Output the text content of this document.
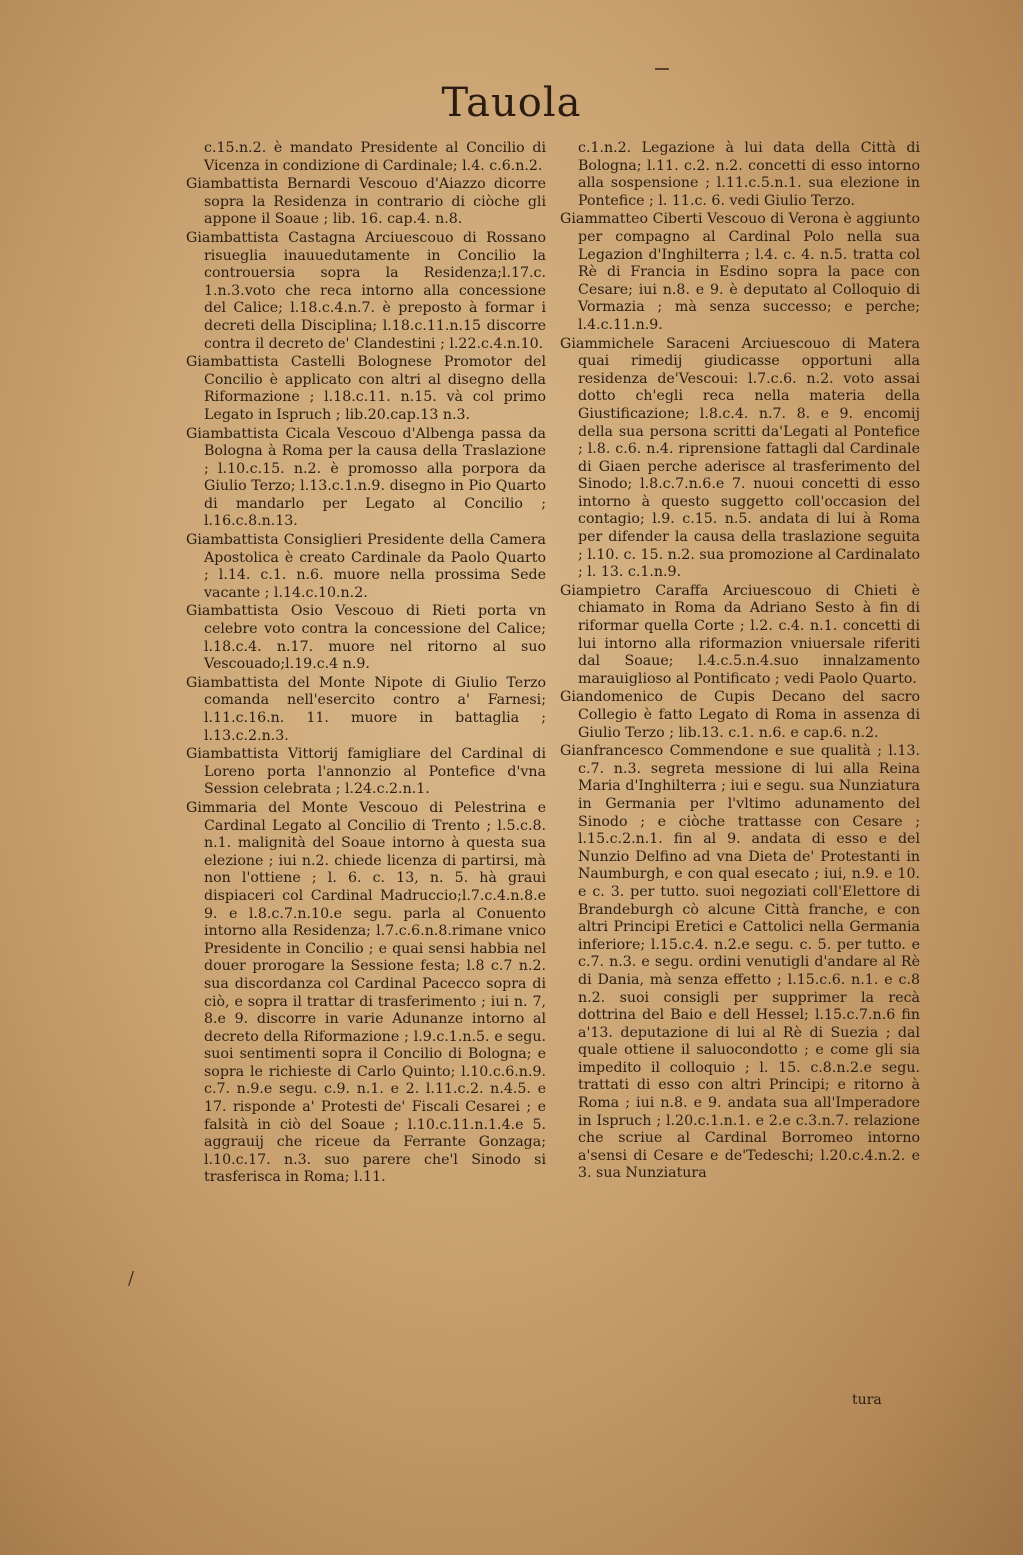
Tauola
c.15.n.2. è mandato Presidente al Concilio di Vicenza in condizione di Cardinale; l.4. c.6.n.2.
Giambattista Bernardi Vescouo d'Aiazzo dicorre sopra la Residenza in contrario di ciòche gli appone il Soaue ; lib. 16. cap.4. n.8.
Giambattista Castagna Arciuescouo di Rossano risueglia inauuedutamente in Concilio la controuersia sopra la Residenza;l.17.c. 1.n.3.voto che reca intorno alla concessione del Calice; l.18.c.4.n.7. è preposto à formar i decreti della Disciplina; l.18.c.11.n.15 discorre contra il decreto de' Clandestini ; l.22.c.4.n.10.
Giambattista Castelli Bolognese Promotor del Concilio è applicato con altri al disegno della Riformazione ; l.18.c.11. n.15. và col primo Legato in Ispruch ; lib.20.cap.13 n.3.
Giambattista Cicala Vescouo d'Albenga passa da Bologna à Roma per la causa della Traslazione ; l.10.c.15. n.2. è promosso alla porpora da Giulio Terzo; l.13.c.1.n.9. disegno in Pio Quarto di mandarlo per Legato al Concilio ; l.16.c.8.n.13.
Giambattista Consiglieri Presidente della Camera Apostolica è creato Cardinale da Paolo Quarto ; l.14. c.1. n.6. muore nella prossima Sede vacante ; l.14.c.10.n.2.
Giambattista Osio Vescouo di Rieti porta vn celebre voto contra la concessione del Calice; l.18.c.4. n.17. muore nel ritorno al suo Vescouado;l.19.c.4 n.9.
Giambattista del Monte Nipote di Giulio Terzo comanda nell'esercito contro a' Farnesi; l.11.c.16.n. 11. muore in battaglia ; l.13.c.2.n.3.
Giambattista Vittorij famigliare del Cardinal di Loreno porta l'annonzio al Pontefice d'vna Session celebrata ; l.24.c.2.n.1.
Gimmaria del Monte Vescouo di Pelestrina e Cardinal Legato al Concilio di Trento ; l.5.c.8. n.1. malignità del Soaue intorno à questa sua elezione ; iui n.2. chiede licenza di partirsi, mà non l'ottiene ; l. 6. c. 13, n. 5. hà graui dispiaceri col Cardinal Madruccio;l.7.c.4.n.8.e 9. e l.8.c.7.n.10.e segu. parla al Conuento intorno alla Residenza; l.7.c.6.n.8.rimane vnico Presidente in Concilio ; e quai sensi habbia nel douer prorogare la Sessione festa; l.8 c.7 n.2. sua discordanza col Cardinal Pacecco sopra di ciò, e sopra il trattar di trasferimento ; iui n. 7, 8.e 9. discorre in varie Adunanze intorno al decreto della Riformazione ; l.9.c.1.n.5. e segu. suoi sentimenti sopra il Concilio di Bologna; e sopra le richieste di Carlo Quinto; l.10.c.6.n.9. c.7. n.9.e segu. c.9. n.1. e 2. l.11.c.2. n.4.5. e 17. risponde a' Protesti de' Fiscali Cesarei ; e falsità in ciò del Soaue ; l.10.c.11.n.1.4.e 5. aggrauij che riceue da Ferrante Gonzaga; l.10.c.17. n.3. suo parere che'l Sinodo si trasferisca in Roma; l.11.
c.1.n.2. Legazione à lui data della Città di Bologna; l.11. c.2. n.2. concetti di esso intorno alla sospensione ; l.11.c.5.n.1. sua elezione in Pontefice ; l. 11.c. 6. vedi Giulio Terzo.
Giammatteo Ciberti Vescouo di Verona è aggiunto per compagno al Cardinal Polo nella sua Legazion d'Inghilterra ; l.4. c. 4. n.5. tratta col Rè di Francia in Esdino sopra la pace con Cesare; iui n.8. e 9. è deputato al Colloquio di Vormazia ; mà senza successo; e perche; l.4.c.11.n.9.
Giammichele Saraceni Arciuescouo di Matera quai rimedij giudicasse opportuni alla residenza de'Vescoui: l.7.c.6. n.2. voto assai dotto ch'egli reca nella materia della Giustificazione; l.8.c.4. n.7. 8. e 9. encomij della sua persona scritti da'Legati al Pontefice ; l.8. c.6. n.4. riprensione fattagli dal Cardinale di Giaen perche aderisce al trasferimento del Sinodo; l.8.c.7.n.6.e 7. nuoui concetti di esso intorno à questo suggetto coll'occasion del contagio; l.9. c.15. n.5. andata di lui à Roma per difender la causa della traslazione seguita ; l.10. c. 15. n.2. sua promozione al Cardinalato ; l. 13. c.1.n.9.
Giampietro Caraffa Arciuescouo di Chieti è chiamato in Roma da Adriano Sesto à fin di riformar quella Corte ; l.2. c.4. n.1. concetti di lui intorno alla riformazion vniuersale riferiti dal Soaue; l.4.c.5.n.4.suo innalzamento marauiglioso al Pontificato ; vedi Paolo Quarto.
Giandomenico de Cupis Decano del sacro Collegio è fatto Legato di Roma in assenza di Giulio Terzo ; lib.13. c.1. n.6. e cap.6. n.2.
Gianfrancesco Commendone e sue qualità ; l.13. c.7. n.3. segreta messione di lui alla Reina Maria d'Inghilterra ; iui e segu. sua Nunziatura in Germania per l'vltimo adunamento del Sinodo ; e ciòche trattasse con Cesare ; l.15.c.2.n.1. fin al 9. andata di esso e del Nunzio Delfino ad vna Dieta de' Protestanti in Naumburgh, e con qual esecato ; iui, n.9. e 10. e c. 3. per tutto. suoi negoziati coll'Elettore di Brandeburgh cò alcune Città franche, e con altri Principi Eretici e Cattolici nella Germania inferiore; l.15.c.4. n.2.e segu. c. 5. per tutto. e c.7. n.3. e segu. ordini venutigli d'andare al Rè di Dania, mà senza effetto ; l.15.c.6. n.1. e c.8 n.2. suoi consigli per supprimer la recà dottrina del Baio e dell Hessel; l.15.c.7.n.6 fin a'13. deputazione di lui al Rè di Suezia ; dal quale ottiene il saluocondotto ; e come gli sia impedito il colloquio ; l. 15. c.8.n.2.e segu. trattati di esso con altri Principi; e ritorno à Roma ; iui n.8. e 9. andata sua all'Imperadore in Ispruch ; l.20.c.1.n.1. e 2.e c.3.n.7. relazione che scriue al Cardinal Borromeo intorno a'sensi di Cesare e de'Tedeschi; l.20.c.4.n.2. e 3. sua Nunziatura
/
tura
